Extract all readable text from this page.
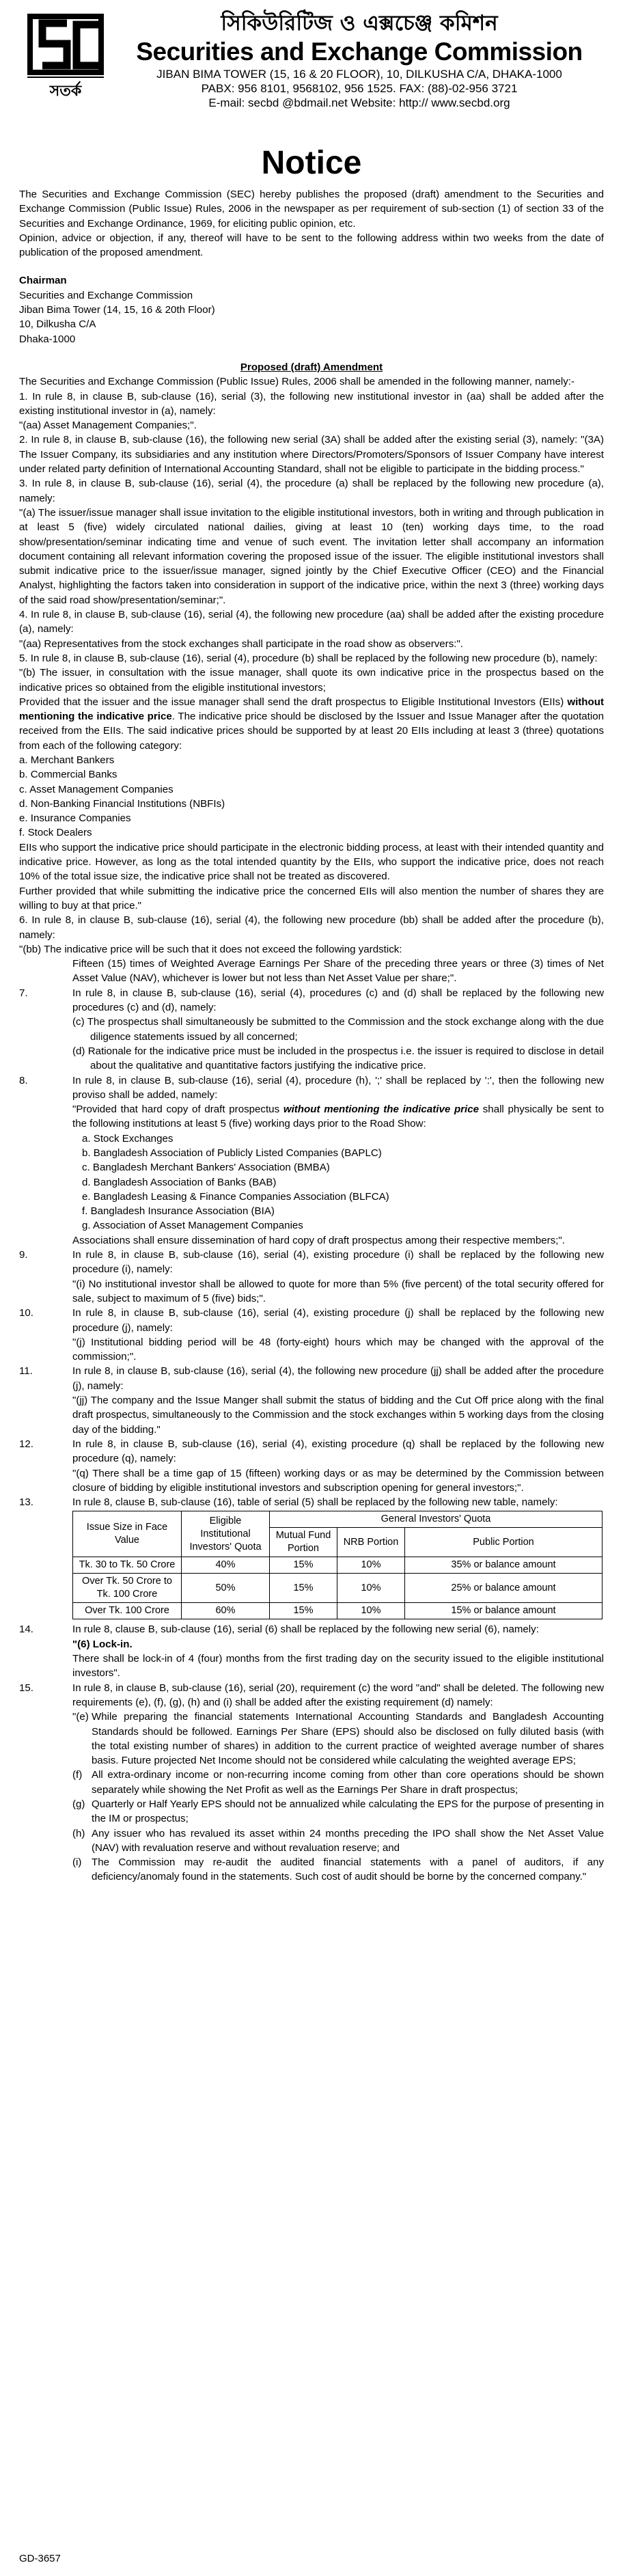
সতর্ক
সিকিউরিটিজ ও এক্সচেঞ্জ কমিশন
Securities and Exchange Commission
JIBAN BIMA TOWER (15, 16 & 20 FLOOR), 10, DILKUSHA C/A, DHAKA-1000
PABX: 956 8101, 9568102, 956 1525. FAX: (88)-02-956 3721
E-mail: secbd @bdmail.net Website: http:// www.secbd.org
Notice

The Securities and Exchange Commission (SEC) hereby publishes the proposed (draft) amendment to the Securities and Exchange Commission (Public Issue) Rules, 2006 in the newspaper as per requirement of sub-section (1) of section 33 of the Securities and Exchange Ordinance, 1969, for eliciting public opinion, etc.

Opinion, advice or objection, if any, thereof will have to be sent to the following address within two weeks from the date of publication of the proposed amendment.

Chairman

Securities and Exchange Commission

Jiban Bima Tower (14, 15, 16 & 20th Floor)

10, Dilkusha C/A

Dhaka-1000

Proposed (draft) Amendment

The Securities and Exchange Commission (Public Issue) Rules, 2006 shall be amended in the following manner, namely:-

1. In rule 8, in clause B, sub-clause (16), serial (3), the following new institutional investor in (aa) shall be added after the existing institutional investor in (a), namely:

"(aa) Asset Management Companies;".

2. In rule 8, in clause B, sub-clause (16), the following new serial (3A) shall be added after the existing serial (3), namely: "(3A) The Issuer Company, its subsidiaries and any institution where Directors/Promoters/Sponsors of Issuer Company have interest under related party definition of International Accounting Standard, shall not be eligible to participate in the bidding process."

3. In rule 8, in clause B, sub-clause (16), serial (4), the procedure (a) shall be replaced by the following new procedure (a), namely:

"(a) The issuer/issue manager shall issue invitation to the eligible institutional investors, both in writing and through publication in at least 5 (five) widely circulated national dailies, giving at least 10 (ten) working days time, to the road show/presentation/seminar indicating time and venue of such event. The invitation letter shall accompany an information document containing all relevant information covering the proposed issue of the issuer. The eligible institutional investors shall submit indicative price to the issuer/issue manager, signed jointly by the Chief Executive Officer (CEO) and the Financial Analyst, highlighting the factors taken into consideration in support of the indicative price, within the next 3 (three) working days of the said road show/presentation/seminar;".

4. In rule 8, in clause B, sub-clause (16), serial (4), the following new procedure (aa) shall be added after the existing procedure (a), namely:

"(aa) Representatives from the stock exchanges shall participate in the road show as observers:".

5. In rule 8, in clause B, sub-clause (16), serial (4), procedure (b) shall be replaced by the following new procedure (b), namely:

"(b) The issuer, in consultation with the issue manager, shall quote its own indicative price in the prospectus based on the indicative prices so obtained from the eligible institutional investors;

Provided that the issuer and the issue manager shall send the draft prospectus to Eligible Institutional Investors (EIIs) without mentioning the indicative price. The indicative price should be disclosed by the Issuer and Issue Manager after the quotation received from the EIIs. The said indicative prices should be supported by at least 20 EIIs including at least 3 (three) quotations from each of the following category:

a. Merchant Bankers

b. Commercial Banks

c. Asset Management Companies

d. Non-Banking Financial Institutions (NBFIs)

e. Insurance Companies

f. Stock Dealers

EIIs who support the indicative price should participate in the electronic bidding process, at least with their intended quantity and indicative price. However, as long as the total intended quantity by the EIIs, who support the indicative price, does not reach 10% of the total issue size, the indicative price shall not be treated as discovered.

Further provided that while submitting the indicative price the concerned EIIs will also mention the number of shares they are willing to buy at that price."

6. In rule 8, in clause B, sub-clause (16), serial (4), the following new procedure (bb) shall be added after the procedure (b), namely:

"(bb) The indicative price will be such that it does not exceed the following yardstick:

Fifteen (15) times of Weighted Average Earnings Per Share of the preceding three years or three (3) times of Net Asset Value (NAV), whichever is lower but not less than Net Asset Value per share;".

7.	In rule 8, in clause B, sub-clause (16), serial (4), procedures (c) and (d) shall be replaced by the following new procedures (c) and (d), namely:

(c) The prospectus shall simultaneously be submitted to the Commission and the stock exchange along with the due diligence statements issued by all concerned;

(d) Rationale for the indicative price must be included in the prospectus i.e. the issuer is required to disclose in detail about the qualitative and quantitative factors justifying the indicative price.

8.	In rule 8, in clause B, sub-clause (16), serial (4), procedure (h), ';' shall be replaced by ':', then the following new proviso shall be added, namely:

"Provided that hard copy of draft prospectus without mentioning the indicative price shall physically be sent to the following institutions at least 5 (five) working days prior to the Road Show:

a. Stock Exchanges

b. Bangladesh Association of Publicly Listed Companies (BAPLC)

c. Bangladesh Merchant Bankers' Association (BMBA)

d. Bangladesh Association of Banks (BAB)

e. Bangladesh Leasing & Finance Companies Association (BLFCA)

f. Bangladesh Insurance Association (BIA)

g. Association of Asset Management Companies

Associations shall ensure dissemination of hard copy of draft prospectus among their respective members;".

9.	In rule 8, in clause B, sub-clause (16), serial (4), existing procedure (i) shall be replaced by the following new procedure (i), namely:

"(i) No institutional investor shall be allowed to quote for more than 5% (five percent) of the total security offered for sale, subject to maximum of 5 (five) bids;".

10.	In rule 8, in clause B, sub-clause (16), serial (4), existing procedure (j) shall be replaced by the following new procedure (j), namely:

"(j) Institutional bidding period will be 48 (forty-eight) hours which may be changed with the approval of the commission;".

11.	In rule 8, in clause B, sub-clause (16), serial (4), the following new procedure (jj) shall be added after the procedure (j), namely:

"(jj) The company and the Issue Manger shall submit the status of bidding and the Cut Off price along with the final draft prospectus, simultaneously to the Commission and the stock exchanges within 5 working days from the closing day of the bidding."

12.	In rule 8, in clause B, sub-clause (16), serial (4), existing procedure (q) shall be replaced by the following new procedure (q), namely:

"(q) There shall be a time gap of 15 (fifteen) working days or as may be determined by the Commission between closure of bidding by eligible institutional investors and subscription opening for general investors;".

13.	In rule 8, clause B, sub-clause (16), table of serial (5) shall be replaced by the following new table, namely:

Issue Size in Face Value	Eligible Institutional Investors' Quota	General Investors' Quota		
		Mutual Fund Portion	NRB Portion	Public Portion
Tk. 30 to Tk. 50 Crore	40%	15%	10%	35% or balance amount
Over Tk. 50 Crore to Tk. 100 Crore	50%	15%	10%	25% or balance amount
Over Tk. 100 Crore	60%	15%	10%	15% or balance amount
14.	In rule 8, clause B, sub-clause (16), serial (6) shall be replaced by the following new serial (6), namely:

"(6) Lock-in.

There shall be lock-in of 4 (four) months from the first trading day on the security issued to the eligible institutional investors".

15.	In rule 8, in clause B, sub-clause (16), serial (20), requirement (c) the word "and" shall be deleted. The following new requirements (e), (f), (g), (h) and (i) shall be added after the existing requirement (d) namely:

"(e) While preparing the financial statements International Accounting Standards and Bangladesh Accounting Standards should be followed. Earnings Per Share (EPS) should also be disclosed on fully diluted basis (with the total existing number of shares) in addition to the current practice of weighted average number of shares basis. Future projected Net Income should not be considered while calculating the weighted average EPS;
(f) All extra-ordinary income or non-recurring income coming from other than core operations should be shown separately while showing the Net Profit as well as the Earnings Per Share in draft prospectus;
(g) Quarterly or Half Yearly EPS should not be annualized while calculating the EPS for the purpose of presenting in the IM or prospectus;
(h) Any issuer who has revalued its asset within 24 months preceding the IPO shall show the Net Asset Value (NAV) with revaluation reserve and without revaluation reserve; and
(i) The Commission may re-audit the audited financial statements with a panel of auditors, if any deficiency/anomaly found in the statements. Such cost of audit should be borne by the concerned company."
GD-3657
